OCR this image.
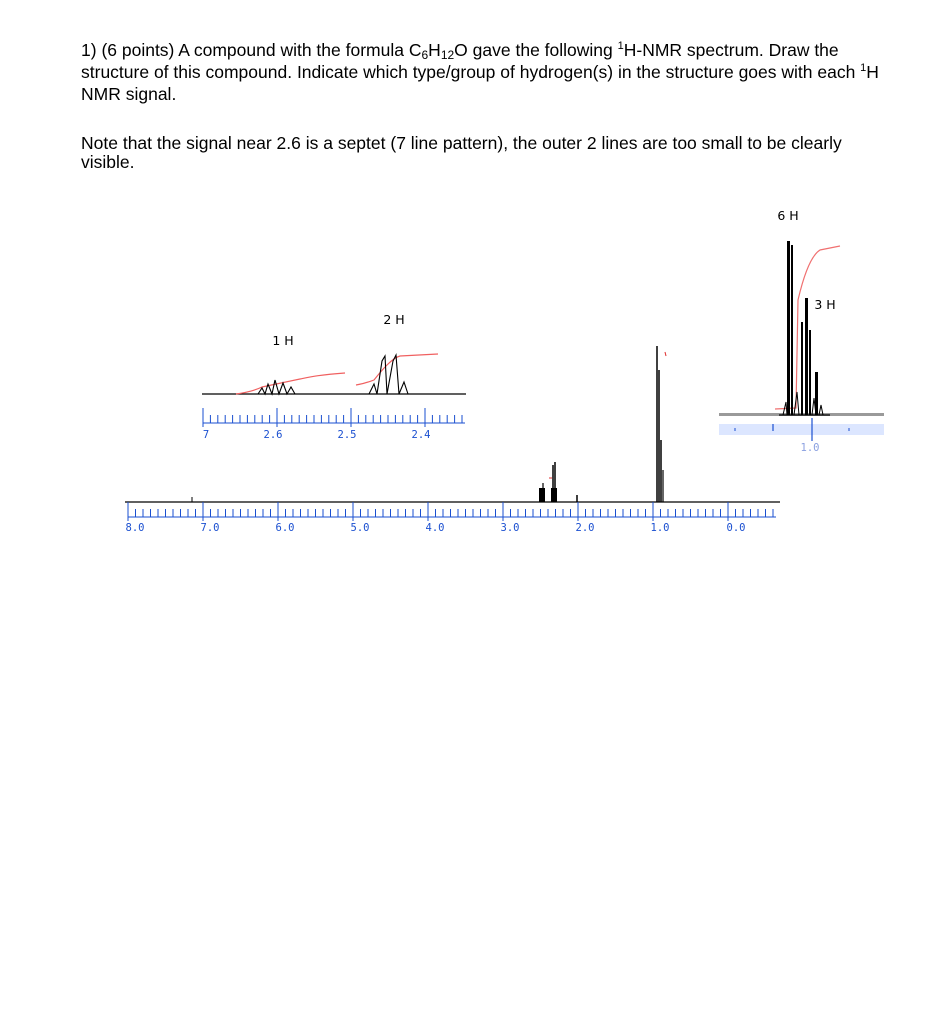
1) (6 points) A compound with the formula $C_6H_{12}O$ gave the following $^1$H-NMR spectrum. Draw the structure of this compound. Indicate which type/group of hydrogen(s) in the structure goes with each $^1$H NMR signal.

Note that the signal near 2.6 is a septet (7 line pattern), the outer 2 lines are too small to be clearly visible.

8.0	7.0	6.0	5.0	4.0	3.0	2.0	1.0	0.0
7	2.6	2.5	2.4
1 H
2 H
1.0
6 H
3 H
